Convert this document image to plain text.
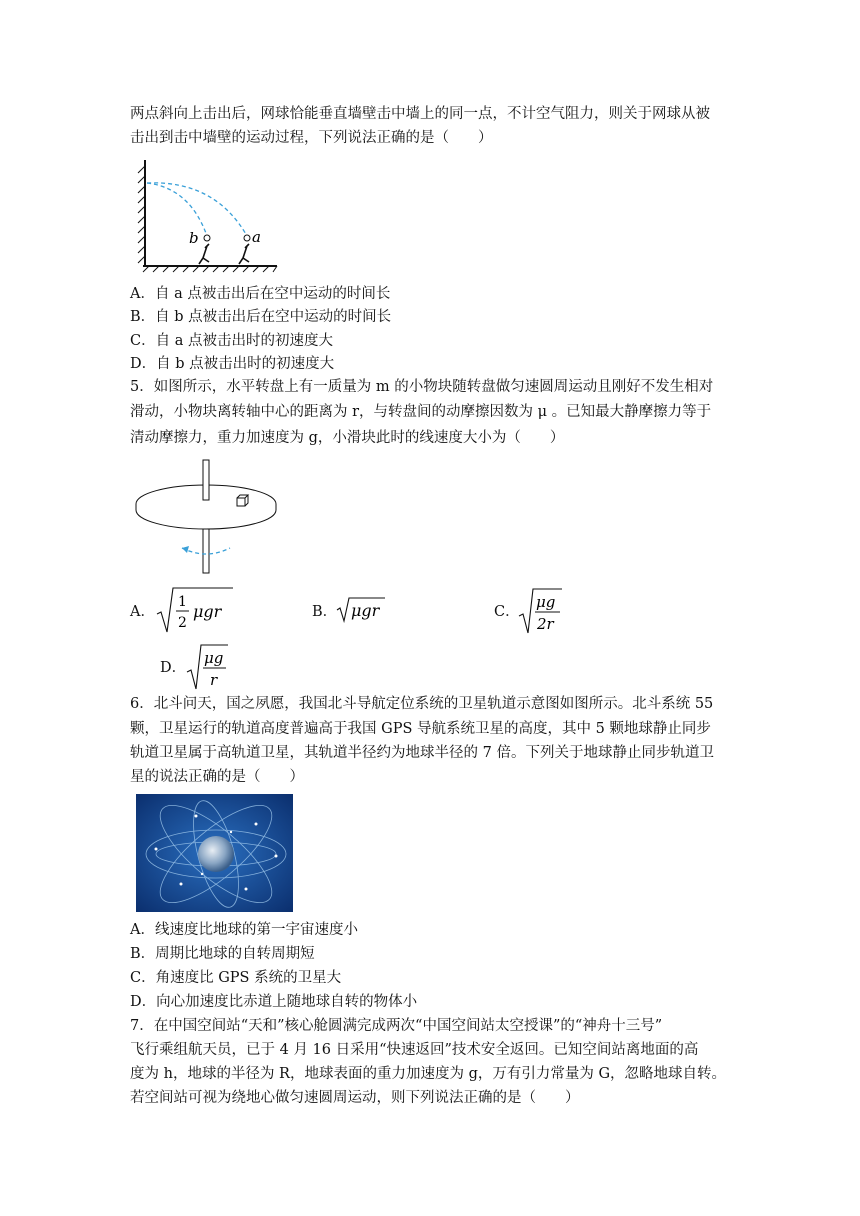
两点斜向上击出后，网球恰能垂直墙壁击中墙上的同一点，不计空气阻力，则关于网球从被
击出到击中墙壁的运动过程，下列说法正确的是（　　）
b	a
A．自 a 点被击出后在空中运动的时间长
B．自 b 点被击出后在空中运动的时间长
C．自 a 点被击出时的初速度大
D．自 b 点被击出时的初速度大
5．如图所示，水平转盘上有一质量为 m 的小物块随转盘做匀速圆周运动且刚好不发生相对
滑动，小物块离转轴中心的距离为 r，与转盘间的动摩擦因数为 μ 。已知最大静摩擦力等于
清动摩擦力，重力加速度为 g，小滑块此时的线速度大小为（　　）
A．
1
2
μgr	B． μgr	C．
μg
2r
D．
μg
r
6．北斗问天，国之夙愿，我国北斗导航定位系统的卫星轨道示意图如图所示。北斗系统 55
颗，卫星运行的轨道高度普遍高于我国 GPS 导航系统卫星的高度，其中 5 颗地球静止同步
轨道卫星属于高轨道卫星，其轨道半径约为地球半径的 7 倍。下列关于地球静止同步轨道卫
星的说法正确的是（　　）
A．线速度比地球的第一宇宙速度小
B．周期比地球的自转周期短
C．角速度比 GPS 系统的卫星大
D．向心加速度比赤道上随地球自转的物体小
7．在中国空间站“天和”核心舱圆满完成两次“中国空间站太空授课”的“神舟十三号”
飞行乘组航天员，已于 4 月 16 日采用“快速返回”技术安全返回。已知空间站离地面的高
度为 h，地球的半径为 R，地球表面的重力加速度为 g，万有引力常量为 G，忽略地球自转。
若空间站可视为绕地心做匀速圆周运动，则下列说法正确的是（　　）
